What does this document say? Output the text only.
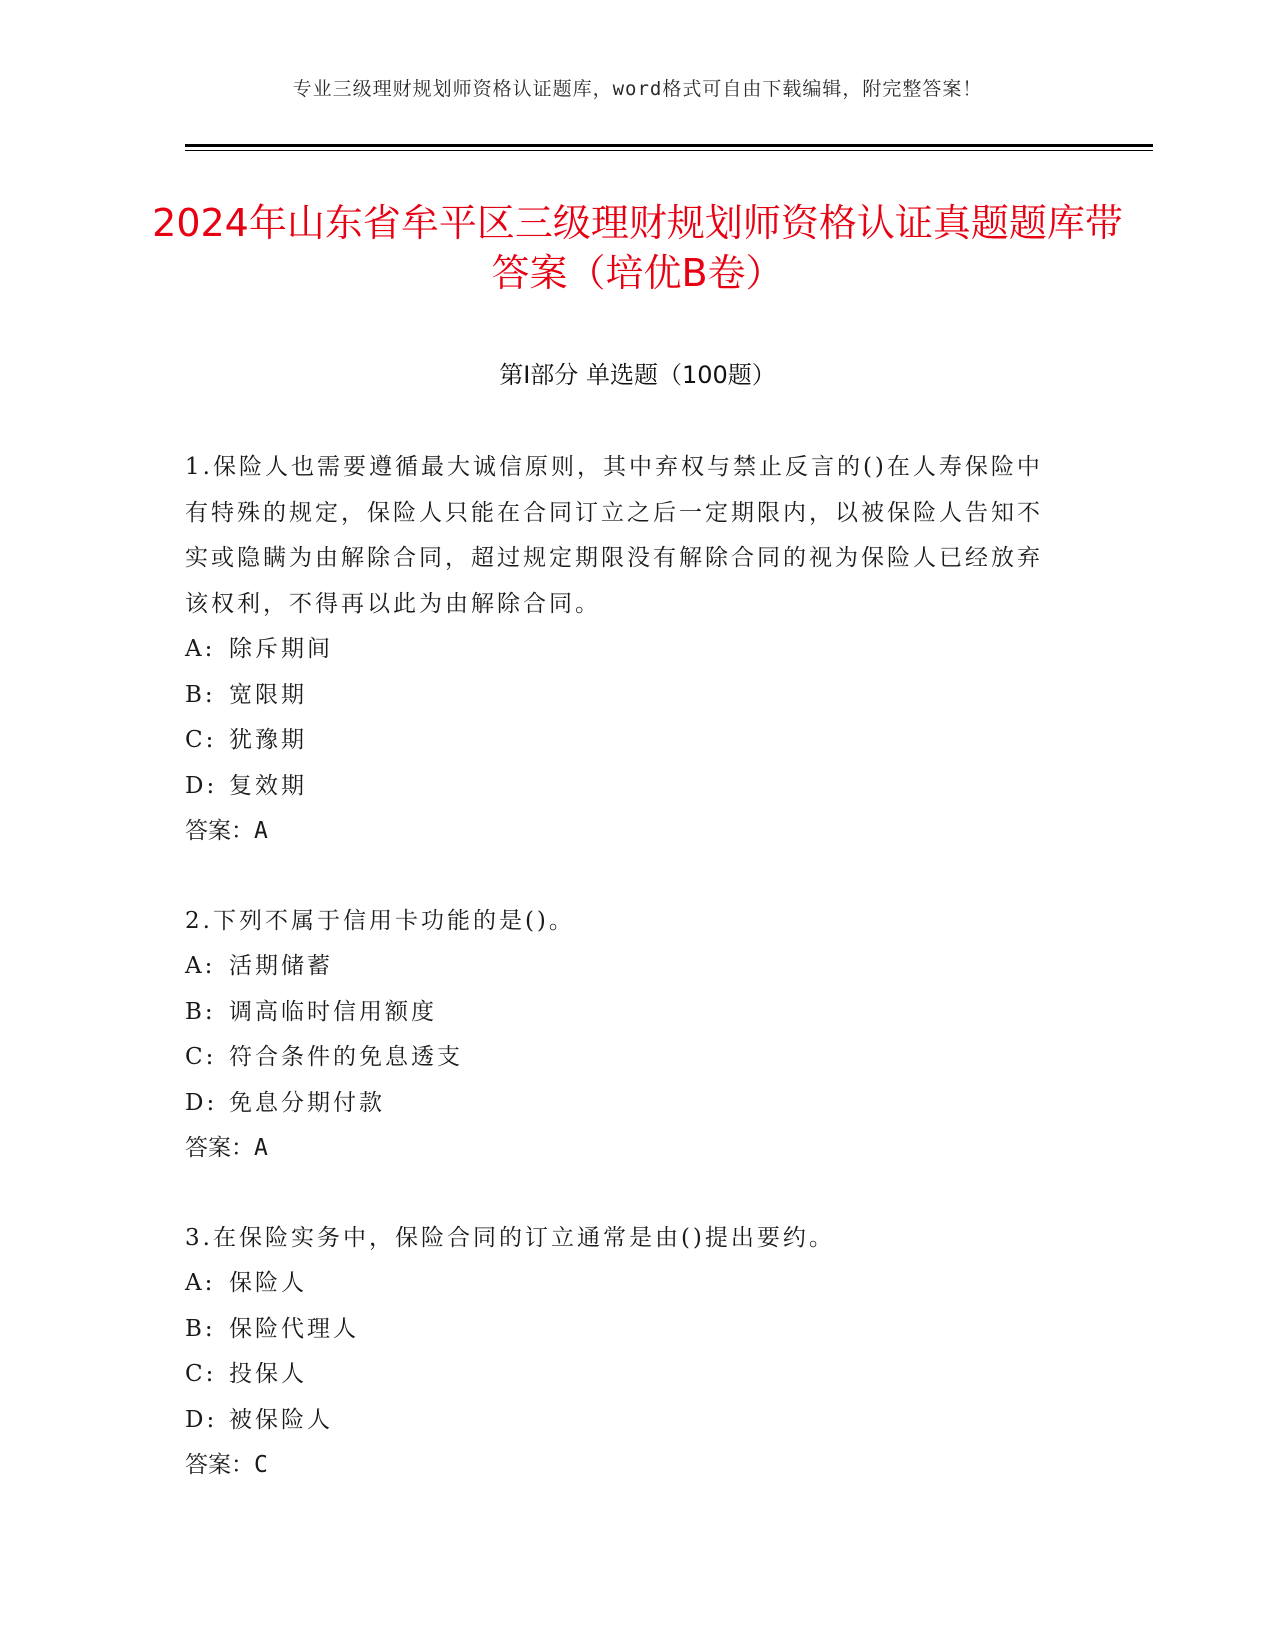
专业三级理财规划师资格认证题库，word格式可自由下载编辑，附完整答案！
2024年山东省牟平区三级理财规划师资格认证真题题库带答案（培优B卷）
第Ⅰ部分 单选题（100题）

1.保险人也需要遵循最大诚信原则，其中弃权与禁止反言的()在人寿保险中有特殊的规定，保险人只能在合同订立之后一定期限内，以被保险人告知不实或隐瞒为由解除合同，超过规定期限没有解除合同的视为保险人已经放弃该权利，不得再以此为由解除合同。

A: 除斥期间

B: 宽限期

C: 犹豫期

D: 复效期

答案：A

2.下列不属于信用卡功能的是()。

A: 活期储蓄

B: 调高临时信用额度

C: 符合条件的免息透支

D: 免息分期付款

答案：A

3.在保险实务中，保险合同的订立通常是由()提出要约。

A: 保险人

B: 保险代理人

C: 投保人

D: 被保险人

答案：C
